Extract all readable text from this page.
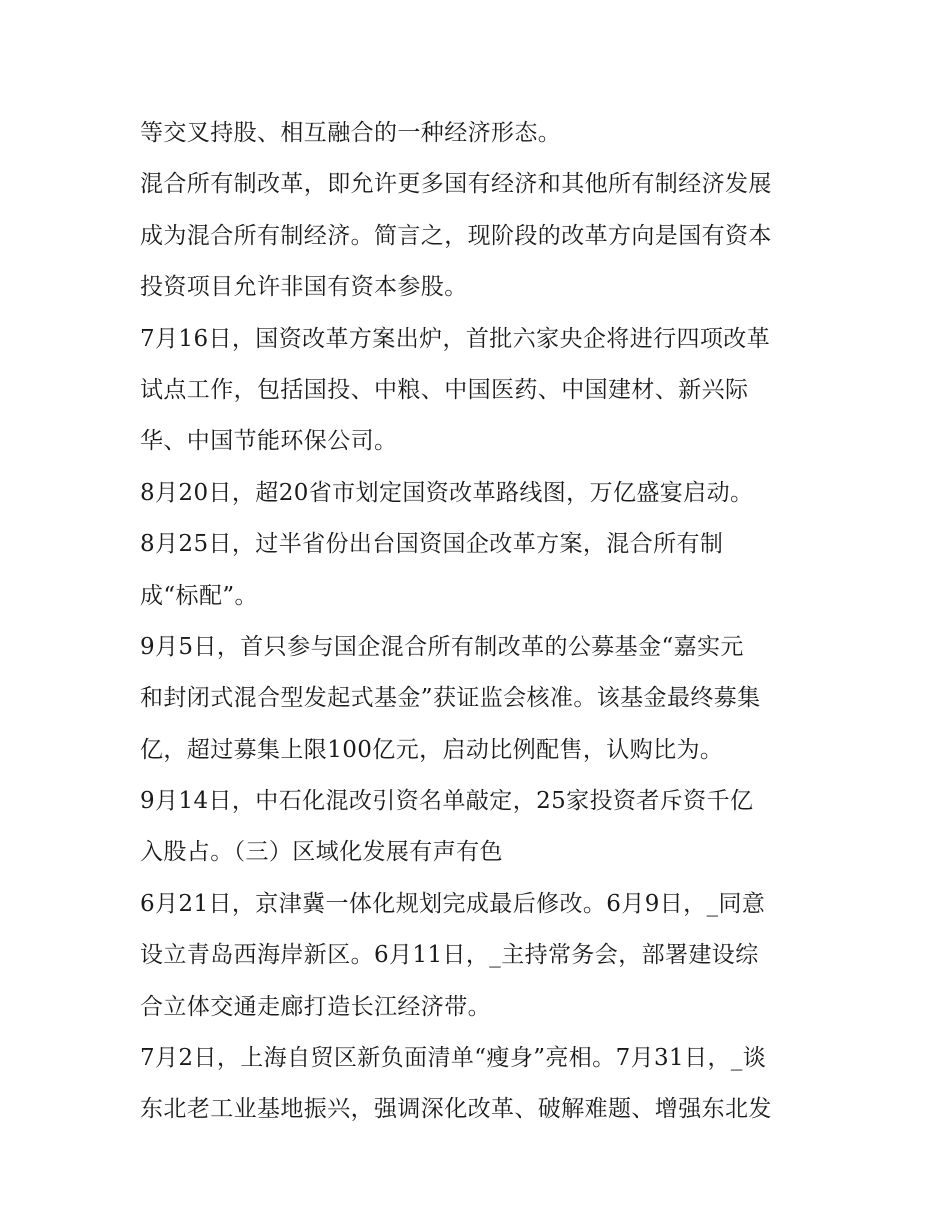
等交叉持股、相互融合的一种经济形态。
混合所有制改革，即允许更多国有经济和其他所有制经济发展
成为混合所有制经济。简言之，现阶段的改革方向是国有资本
投资项目允许非国有资本参股。
7月16日，国资改革方案出炉，首批六家央企将进行四项改革
试点工作，包括国投、中粮、中国医药、中国建材、新兴际
华、中国节能环保公司。
8月20日，超20省市划定国资改革路线图，万亿盛宴启动。
8月25日，过半省份出台国资国企改革方案，混合所有制
成“标配”。
9月5日，首只参与国企混合所有制改革的公募基金“嘉实元
和封闭式混合型发起式基金”获证监会核准。该基金最终募集
亿，超过募集上限100亿元，启动比例配售，认购比为。
9月14日，中石化混改引资名单敲定，25家投资者斥资千亿
入股占。（三）区域化发展有声有色
6月21日，京津冀一体化规划完成最后修改。6月9日，_同意
设立青岛西海岸新区。6月11日，_主持常务会，部署建设综
合立体交通走廊打造长江经济带。
7月2日，上海自贸区新负面清单“瘦身”亮相。7月31日，_谈
东北老工业基地振兴，强调深化改革、破解难题、增强东北发
